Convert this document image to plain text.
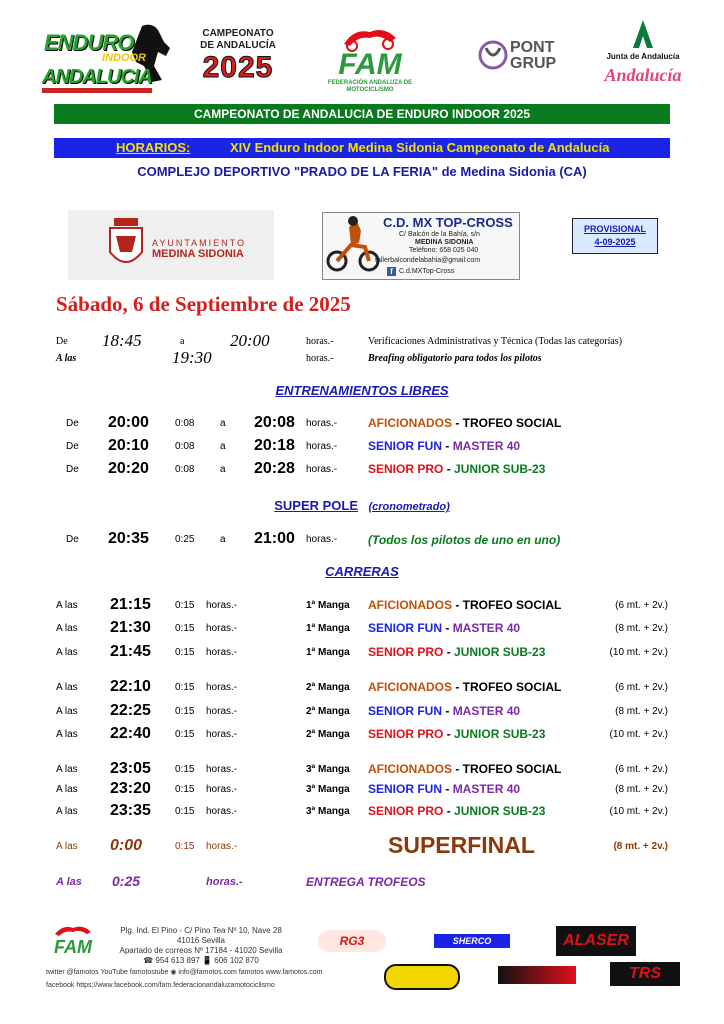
ENDURO
INDOOR
ANDALUCIA
CAMPEONATO
DE ANDALUCÍA
2025	FAM
FEDERACIÓN ANDALUZA DE MOTOCICLISMO
PONT
GRUP	Junta de Andalucía
Andalucía
CAMPEONATO DE ANDALUCIA DE ENDURO INDOOR 2025
HORARIOS:	XIV Enduro Indoor Medina Sidonia Campeonato de Andalucía
COMPLEJO DEPORTIVO "PRADO DE LA FERIA" de Medina Sidonia (CA)
AYUNTAMIENTO
MEDINA SIDONIA
C.D. MX TOP-CROSS
C/ Balcón de la Bahía, s/n
MEDINA SIDONIA
Teléfono: 658 025 040
tallerbalcondelabahia@gmail.com
f C.d.MXTop-Cross
PROVISIONAL
4-09-2025
Sábado, 6 de Septiembre de 2025
De 18:45	a	20:00	horas.-	Verificaciones Administrativas y Técnica (Todas las categorías)
A las	19:30	horas.-	Breafing obligatorio para todos los pilotos
ENTRENAMIENTOS LIBRES
De 20:00	0:08	a 20:08 horas.-	AFICIONADOS - TROFEO SOCIAL
De 20:10	0:08	a 20:18 horas.-	SENIOR FUN - MASTER 40
De 20:20	0:08	a 20:28 horas.-	SENIOR PRO - JUNIOR SUB-23
SUPER POLE (cronometrado)
De 20:35	0:25	a 21:00 horas.-	(Todos los pilotos de uno en uno)
CARRERAS
A las 21:15 0:15 horas.-	1ª Manga AFICIONADOS - TROFEO SOCIAL	(6 mt. + 2v.)
A las 21:30 0:15 horas.-	1ª Manga SENIOR FUN - MASTER 40	(8 mt. + 2v.)
A las 21:45 0:15 horas.-	1ª Manga SENIOR PRO - JUNIOR SUB-23	(10 mt. + 2v.)
A las 22:10 0:15 horas.-	2ª Manga AFICIONADOS - TROFEO SOCIAL	(6 mt. + 2v.)
A las 22:25 0:15 horas.-	2ª Manga SENIOR FUN - MASTER 40	(8 mt. + 2v.)
A las 22:40 0:15 horas.-	2ª Manga SENIOR PRO - JUNIOR SUB-23	(10 mt. + 2v.)
A las 23:05 0:15 horas.-	3ª Manga AFICIONADOS - TROFEO SOCIAL	(6 mt. + 2v.)
A las 23:20 0:15 horas.-	3ª Manga SENIOR FUN - MASTER 40	(8 mt. + 2v.)
A las 23:35 0:15 horas.-	3ª Manga SENIOR PRO - JUNIOR SUB-23	(10 mt. + 2v.)
A las 0:00	0:15 horas.-	SUPERFINAL	(8 mt. + 2v.)
A las 0:25	horas.-	ENTREGA TROFEOS
FAM
Plg. Ind. El Pino - C/ Pino Tea Nº 10, Nave 28
41016 Sevilla
Apartado de correos Nº 17184 - 41020 Sevilla
☎ 954 613 897 📱 606 102 870
twitter @famotos YouTube famotostube ◉ info@famotos.com famotos www.famotos.com
facebook https://www.facebook.com/fam.federacionandaluzamotociclismo
RG3	SHERCO	ALASER
TRS
